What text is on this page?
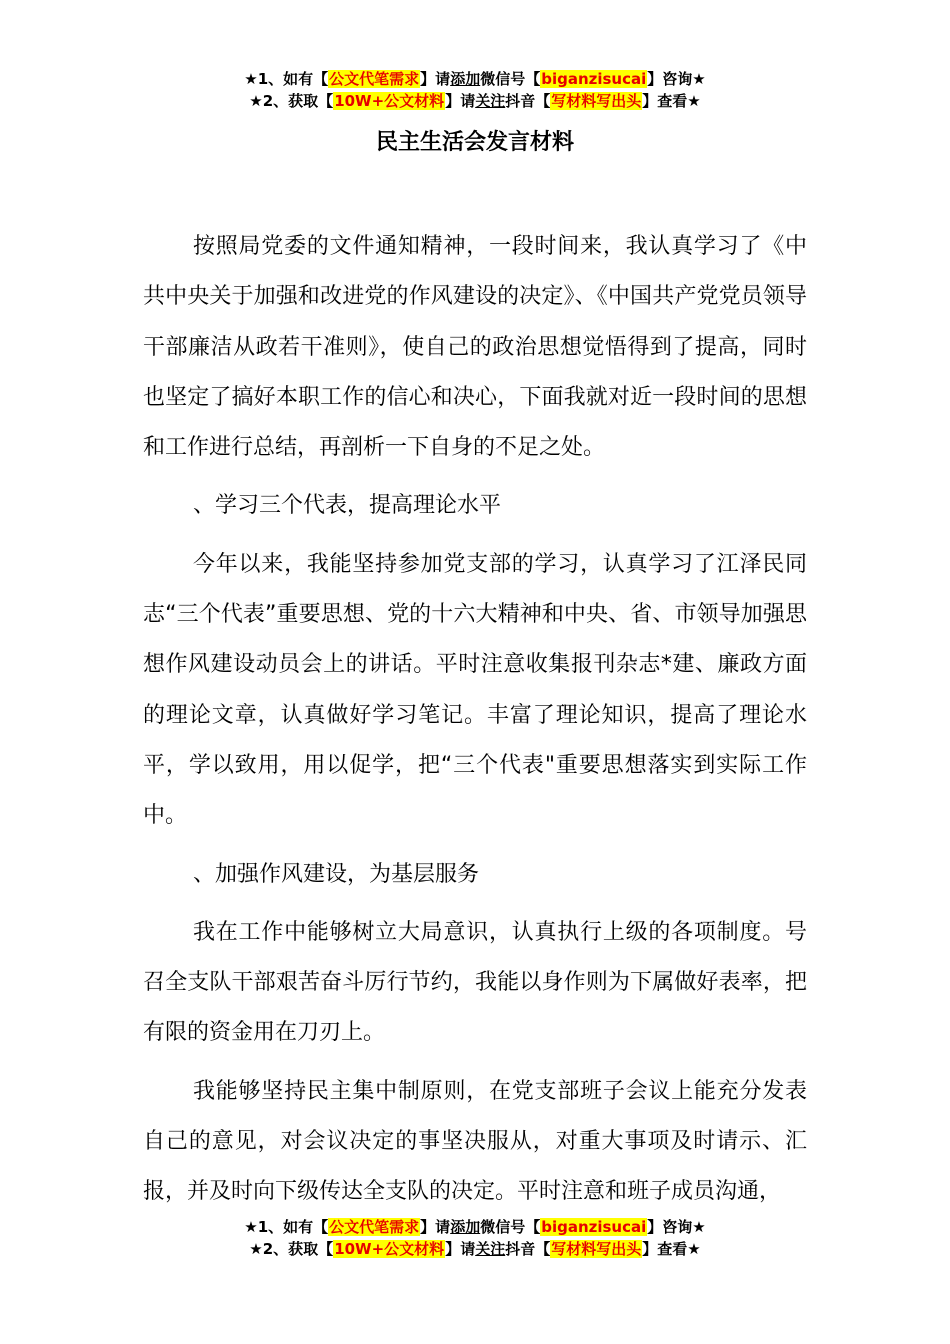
★1、如有【公文代笔需求】请添加微信号【biganzisucai】咨询★
★2、获取【10W+公文材料】请关注抖音【写材料写出头】查看★
民主生活会发言材料

按照局党委的文件通知精神，一段时间来，我认真学习了《中共中央关于加强和改进党的作风建设的决定》、《中国共产党党员领导干部廉洁从政若干准则》，使自己的政治思想觉悟得到了提高，同时也坚定了搞好本职工作的信心和决心，下面我就对近一段时间的思想和工作进行总结，再剖析一下自身的不足之处。

、学习三个代表，提高理论水平

今年以来，我能坚持参加党支部的学习，认真学习了江泽民同志“三个代表”重要思想、党的十六大精神和中央、省、市领导加强思想作风建设动员会上的讲话。平时注意收集报刊杂志*建、廉政方面的理论文章，认真做好学习笔记。丰富了理论知识，提高了理论水平，学以致用，用以促学，把“三个代表"重要思想落实到实际工作中。

、加强作风建设，为基层服务

我在工作中能够树立大局意识，认真执行上级的各项制度。号召全支队干部艰苦奋斗厉行节约，我能以身作则为下属做好表率，把有限的资金用在刀刃上。

我能够坚持民主集中制原则，在党支部班子会议上能充分发表自己的意见，对会议决定的事坚决服从，对重大事项及时请示、汇报，并及时向下级传达全支队的决定。平时注意和班子成员沟通，

★1、如有【公文代笔需求】请添加微信号【biganzisucai】咨询★
★2、获取【10W+公文材料】请关注抖音【写材料写出头】查看★
